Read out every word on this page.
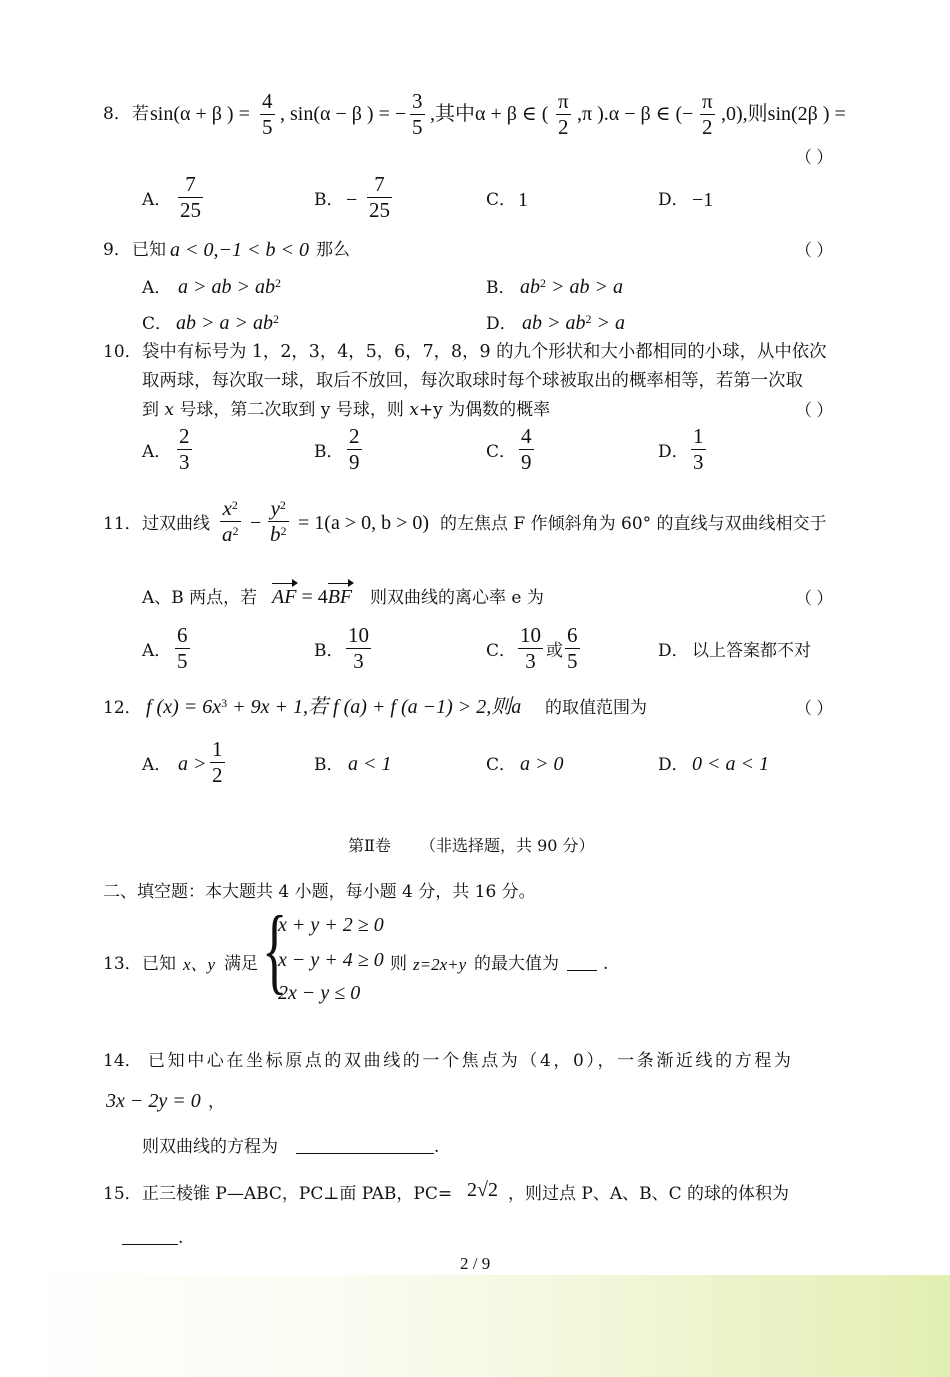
8． 若 sin(α + β ) =
4
5
, sin(α − β ) = −
3
5
,其中α + β ∈ (
π
2
,π ).α − β ∈ (−
π
2
,0),则sin(2β ) =
（ ）
A．
7
25	B． −
7
25	C． 1	D． −1
9． 已知 a < 0,−1 < b < 0 那么	（ ）
A． a > ab > $ab^2$	B． $ab^2$ > ab > a
C． ab > $a > ab^2$	D． ab > $ab^2 > a$
10． 袋中有标号为 1，2，3，4，5，6，7，8，9 的九个形状和大小都相同的小球，从中依次
取两球，每次取一球，取后不放回，每次取球时每个球被取出的概率相等，若第一次取
到 x 号球，第二次取到 y 号球，则 x+y 为偶数的概率	（ ）
A．
2
3	B．
2
9	C．
4
9	D．
1
3
11． 过双曲线
$x^2$
$a^2$ −
$y^2$
$b^2 = 1(a > 0$, b > 0) 的左焦点 F 作倾斜角为 60° 的直线与双曲线相交于
A、B 两点，若 AF = 4BF 则双曲线的离心率 e 为	（ ）
A．
6
5	B．
10
3	C．
10
3 或
6
5	D． 以上答案都不对
12． f $(x) = 6x^3 + 9x + 1$,若 f (a) + f (a −1) > 2,则a 的取值范围为	（ ）
A． a >
1
2	B． a < 1	C． a > 0	D． 0 < a < 1
第Ⅱ卷 （非选择题，共 90 分）
二、填空题：本大题共 4 小题，每小题 4 分，共 16 分。
13． 已知 x、y 满足 {
x + y + 2 ≥ 0
x − y + 4 ≥ 0
2x − y ≤ 0
则 z=2x+y 的最大值为	.
14． 已知中心在坐标原点的双曲线的一个焦点为（4，0），一条渐近线的方程为
3x − 2y = 0 ，
则双曲线的方程为	.
15． 正三棱锥 P—ABC，PC⊥面 PAB，PC= 2√2 ，则过点 P、A、B、C 的球的体积为
.
2 / 9
